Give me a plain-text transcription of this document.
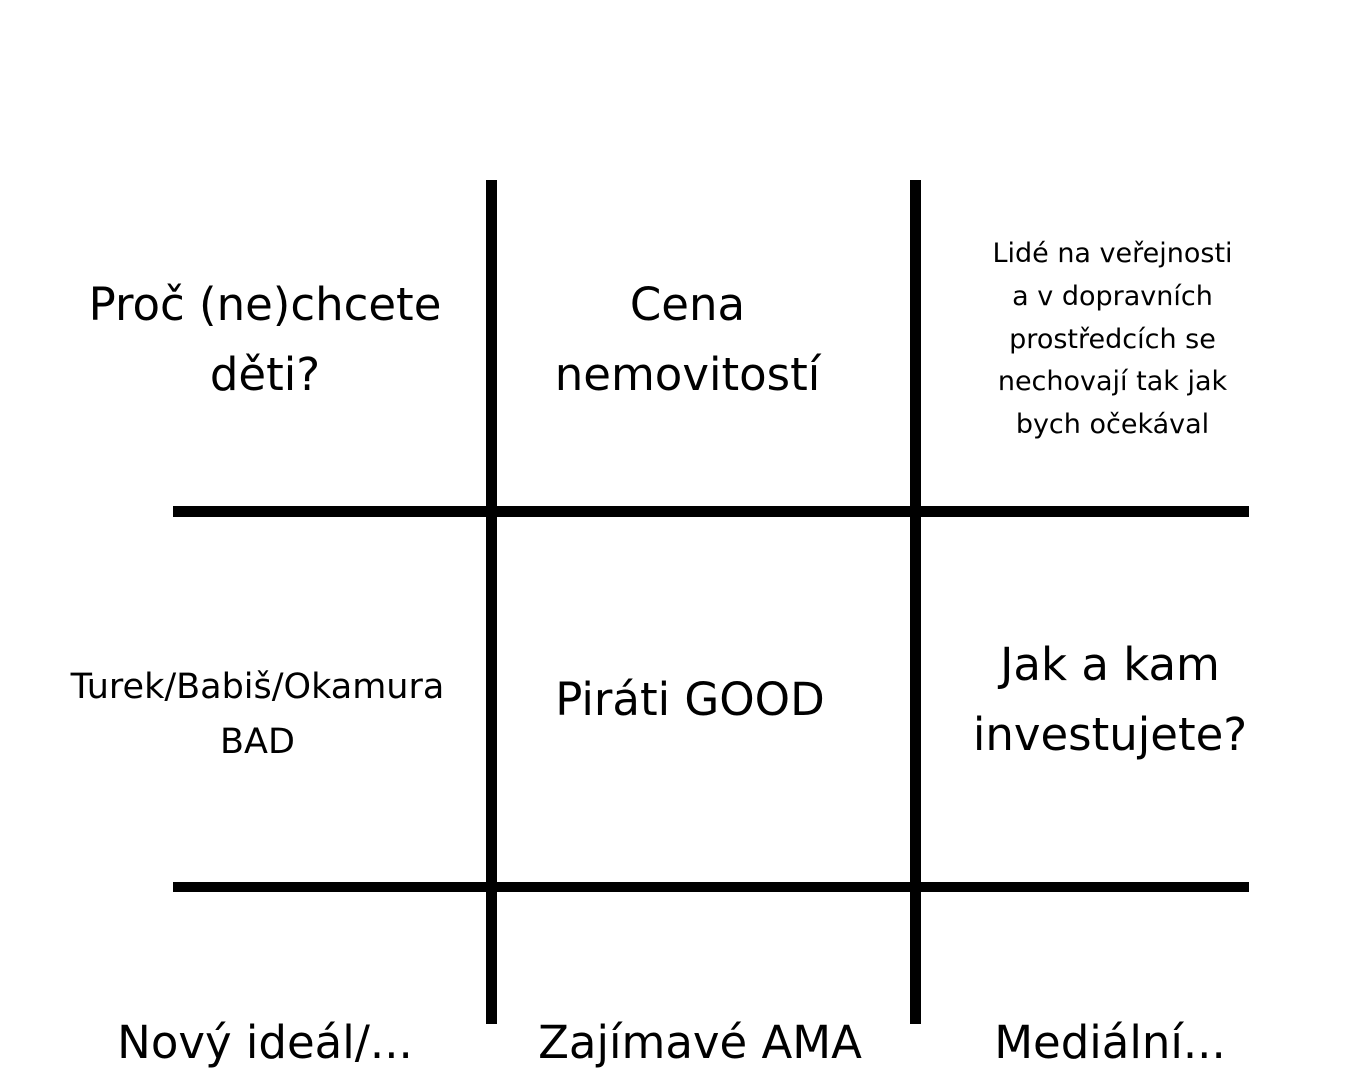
Proč (ne)chcete děti?
Cena nemovitostí
Lidé na veřejnosti a v dopravních prostředcích se nechovají tak jak bych očekával
Turek/Babiš/Okamura BAD
Piráti GOOD
Jak a kam investujete?
Nový ideál/...	Zajímavé AMA	Mediální...
